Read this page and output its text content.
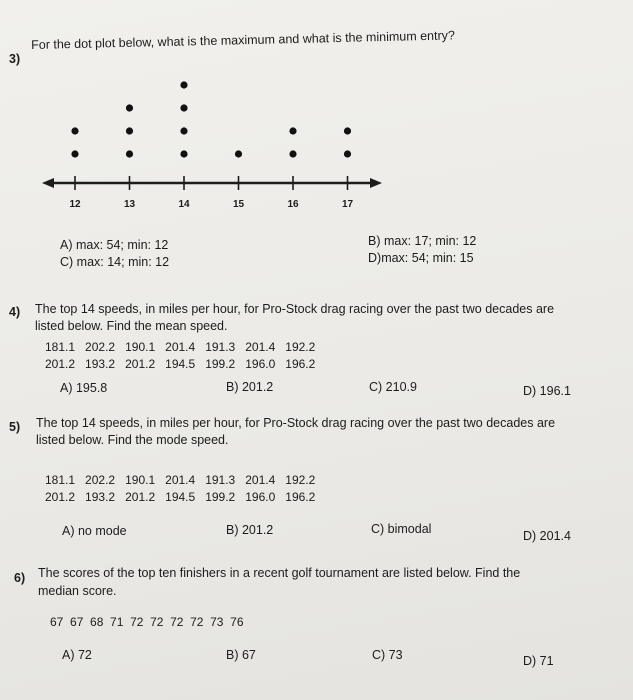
3)
For the dot plot below, what is the maximum and what is the minimum entry?
12	13	14	15	16	17
A) max: 54; min: 12
C) max: 14; min: 12
B) max: 17; min: 12
D)max: 54; min: 15
4) The top 14 speeds, in miles per hour, for Pro-Stock drag racing over the past two decades are
listed below. Find the mean speed.
181.1 202.2 190.1 201.4 191.3 201.4 192.2
201.2 193.2 201.2 194.5 199.2 196.0 196.2
A) 195.8	B) 201.2	C) 210.9	D) 196.1
5) The top 14 speeds, in miles per hour, for Pro-Stock drag racing over the past two decades are
listed below. Find the mode speed.
181.1 202.2 190.1 201.4 191.3 201.4 192.2
201.2 193.2 201.2 194.5 199.2 196.0 196.2
A) no mode	B) 201.2	C) bimodal	D) 201.4
6) The scores of the top ten finishers in a recent golf tournament are listed below. Find the
median score.
67  67  68  71  72  72  72  72  73  76
A) 72	B) 67	C) 73	D) 71
